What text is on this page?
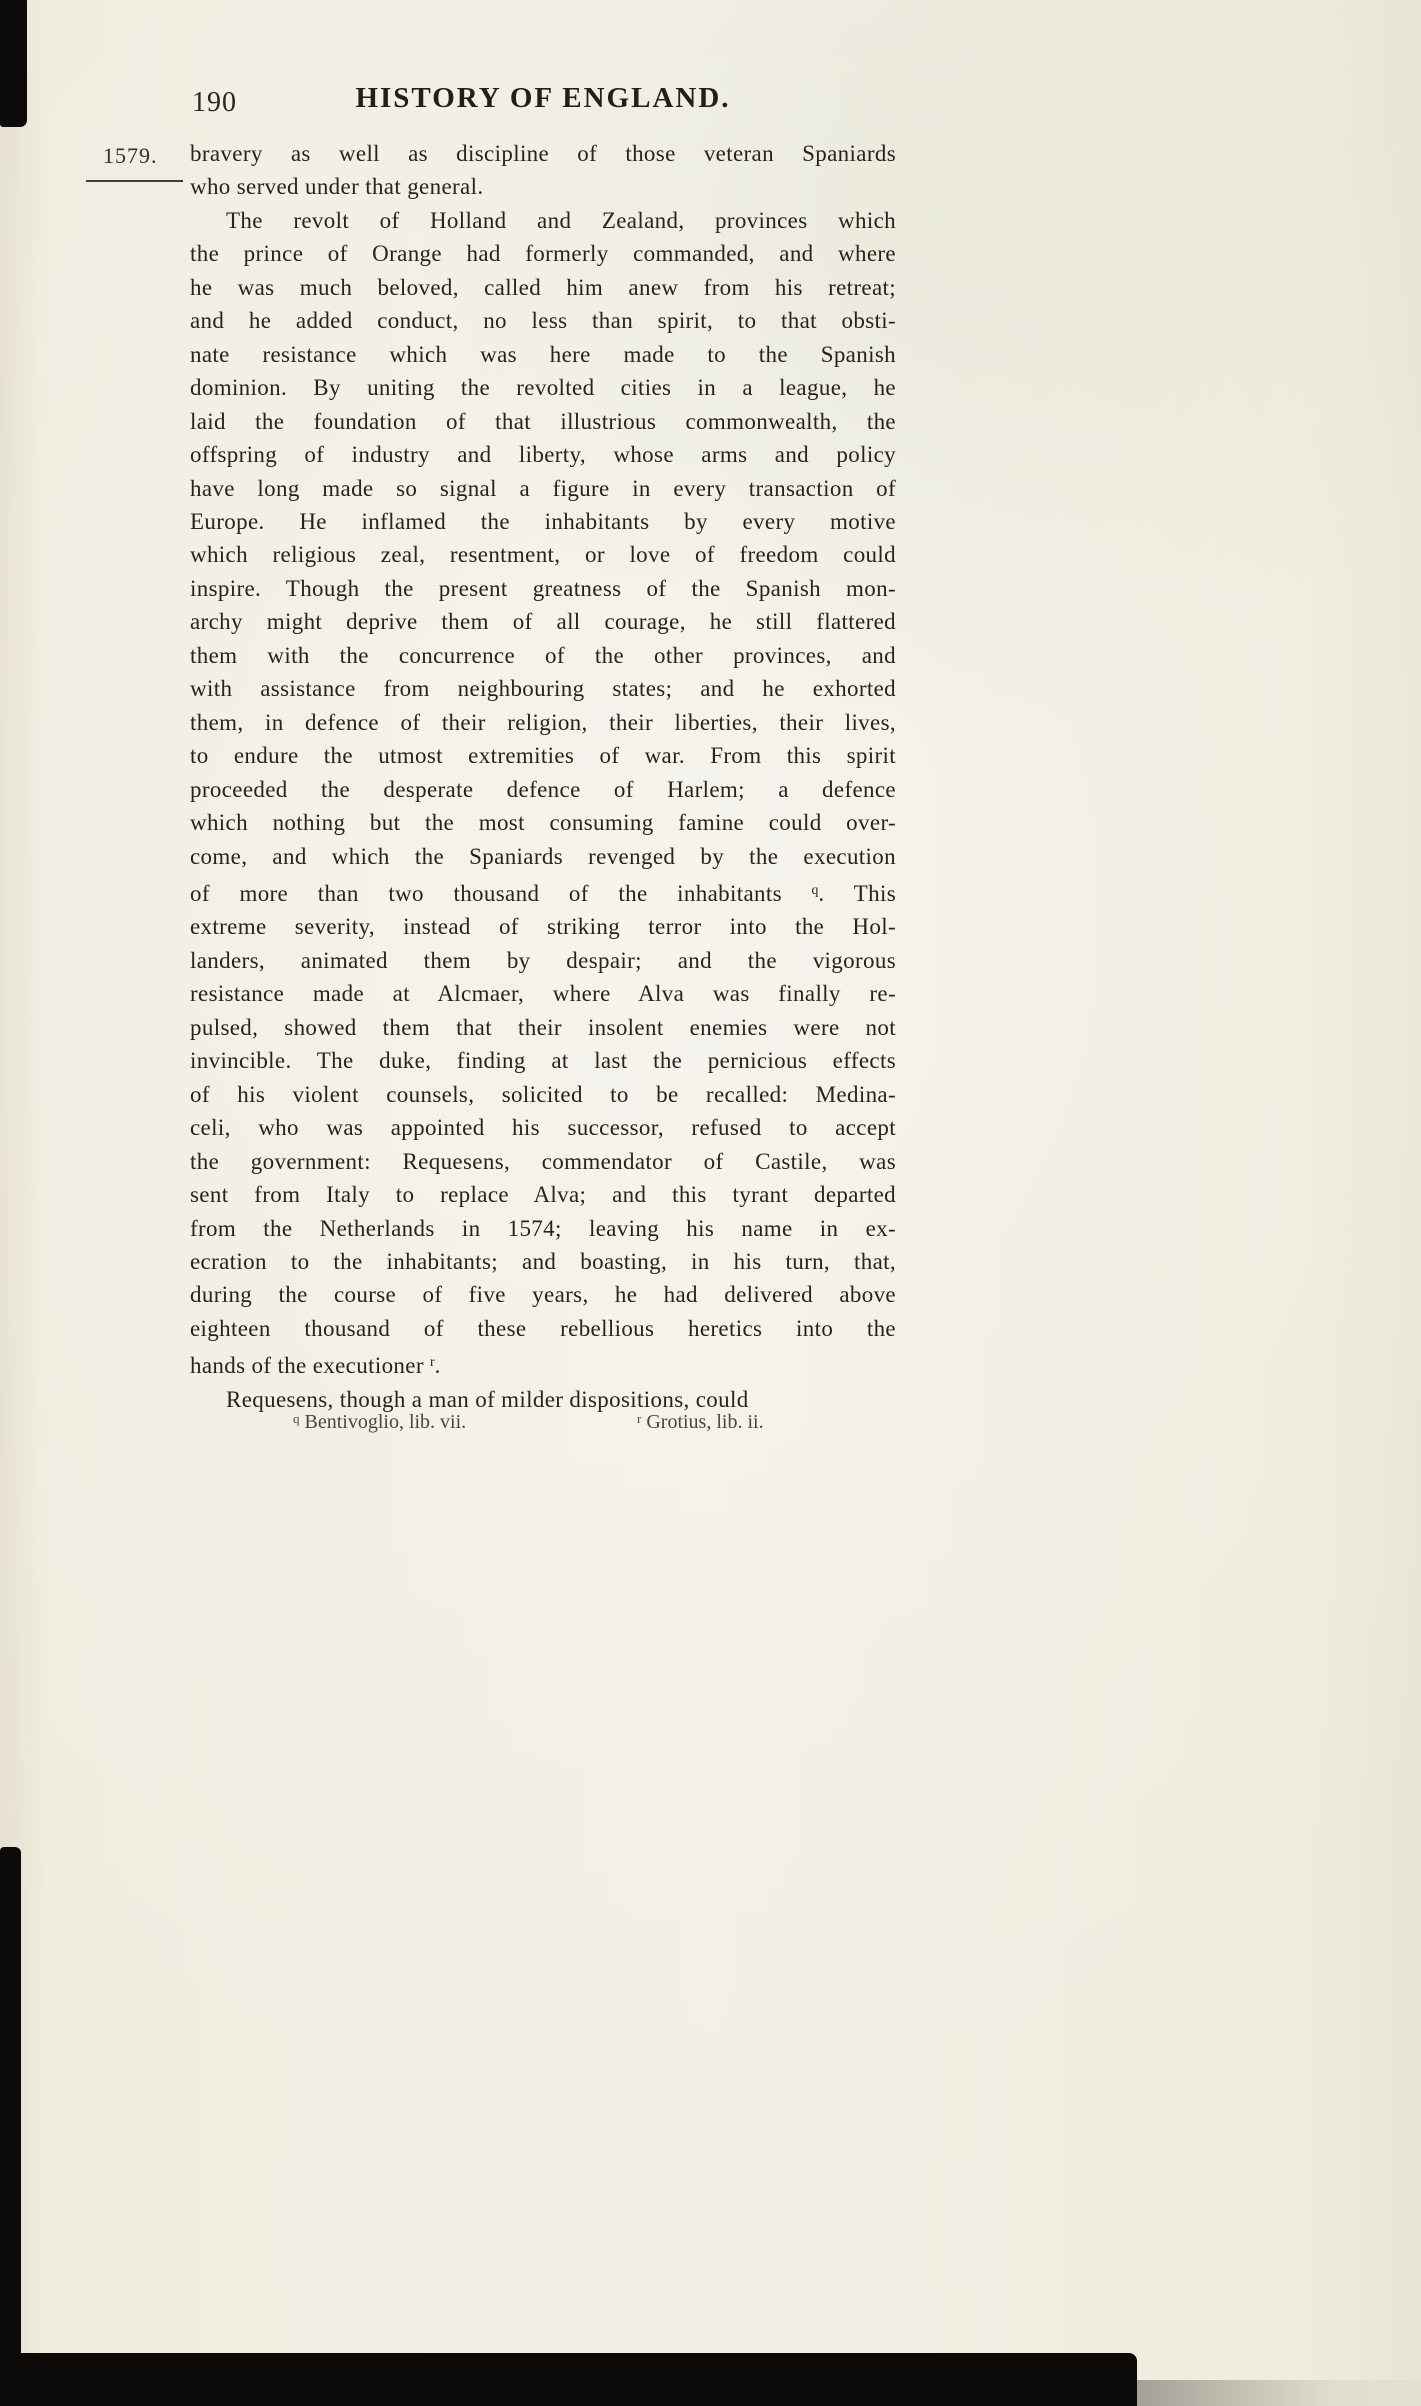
190	HISTORY OF ENGLAND.
1579. bravery as well as discipline of those veteran Spaniards
who served under that general.
The revolt of Holland and Zealand, provinces which
the prince of Orange had formerly commanded, and where
he was much beloved, called him anew from his retreat;
and he added conduct, no less than spirit, to that obsti-
nate resistance which was here made to the Spanish
dominion. By uniting the revolted cities in a league, he
laid the foundation of that illustrious commonwealth, the
offspring of industry and liberty, whose arms and policy
have long made so signal a figure in every transaction of
Europe. He inflamed the inhabitants by every motive
which religious zeal, resentment, or love of freedom could
inspire. Though the present greatness of the Spanish mon-
archy might deprive them of all courage, he still flattered
them with the concurrence of the other provinces, and
with assistance from neighbouring states; and he exhorted
them, in defence of their religion, their liberties, their lives,
to endure the utmost extremities of war. From this spirit
proceeded the desperate defence of Harlem; a defence
which nothing but the most consuming famine could over-
come, and which the Spaniards revenged by the execution
of more than two thousand of the inhabitants $^q$. This
extreme severity, instead of striking terror into the Hol-
landers, animated them by despair; and the vigorous
resistance made at Alcmaer, where Alva was finally re-
pulsed, showed them that their insolent enemies were not
invincible. The duke, finding at last the pernicious effects
of his violent counsels, solicited to be recalled: Medina-
celi, who was appointed his successor, refused to accept
the government: Requesens, commendator of Castile, was
sent from Italy to replace Alva; and this tyrant departed
from the Netherlands in 1574; leaving his name in ex-
ecration to the inhabitants; and boasting, in his turn, that,
during the course of five years, he had delivered above
eighteen thousand of these rebellious heretics into the
hands of the executioner $^r$.
Requesens, though a man of milder dispositions, could
$^q$ Bentivoglio, lib. vii.	$^r$ Grotius, lib. ii.
